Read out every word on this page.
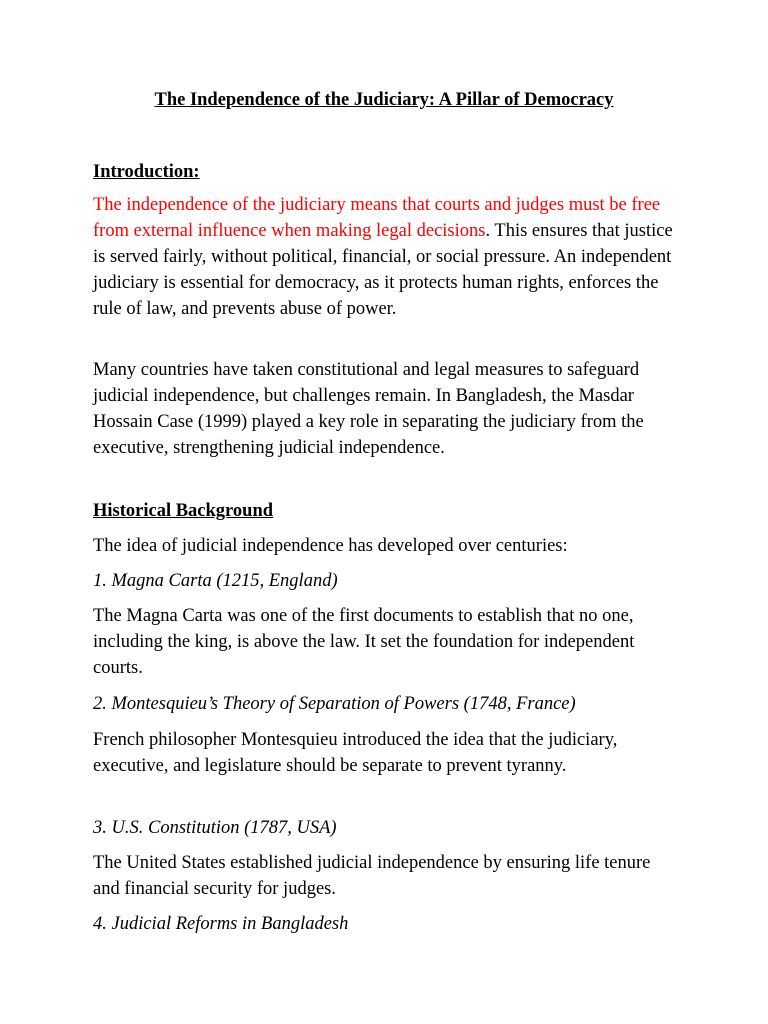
The Independence of the Judiciary: A Pillar of Democracy
Introduction:

The independence of the judiciary means that courts and judges must be free from external influence when making legal decisions. This ensures that justice is served fairly, without political, financial, or social pressure. An independent judiciary is essential for democracy, as it protects human rights, enforces the rule of law, and prevents abuse of power.

Many countries have taken constitutional and legal measures to safeguard judicial independence, but challenges remain. In Bangladesh, the Masdar Hossain Case (1999) played a key role in separating the judiciary from the executive, strengthening judicial independence.

Historical Background

The idea of judicial independence has developed over centuries:

1. Magna Carta (1215, England)

The Magna Carta was one of the first documents to establish that no one, including the king, is above the law. It set the foundation for independent courts.

2. Montesquieu’s Theory of Separation of Powers (1748, France)

French philosopher Montesquieu introduced the idea that the judiciary, executive, and legislature should be separate to prevent tyranny.

3. U.S. Constitution (1787, USA)

The United States established judicial independence by ensuring life tenure and financial security for judges.

4. Judicial Reforms in Bangladesh
